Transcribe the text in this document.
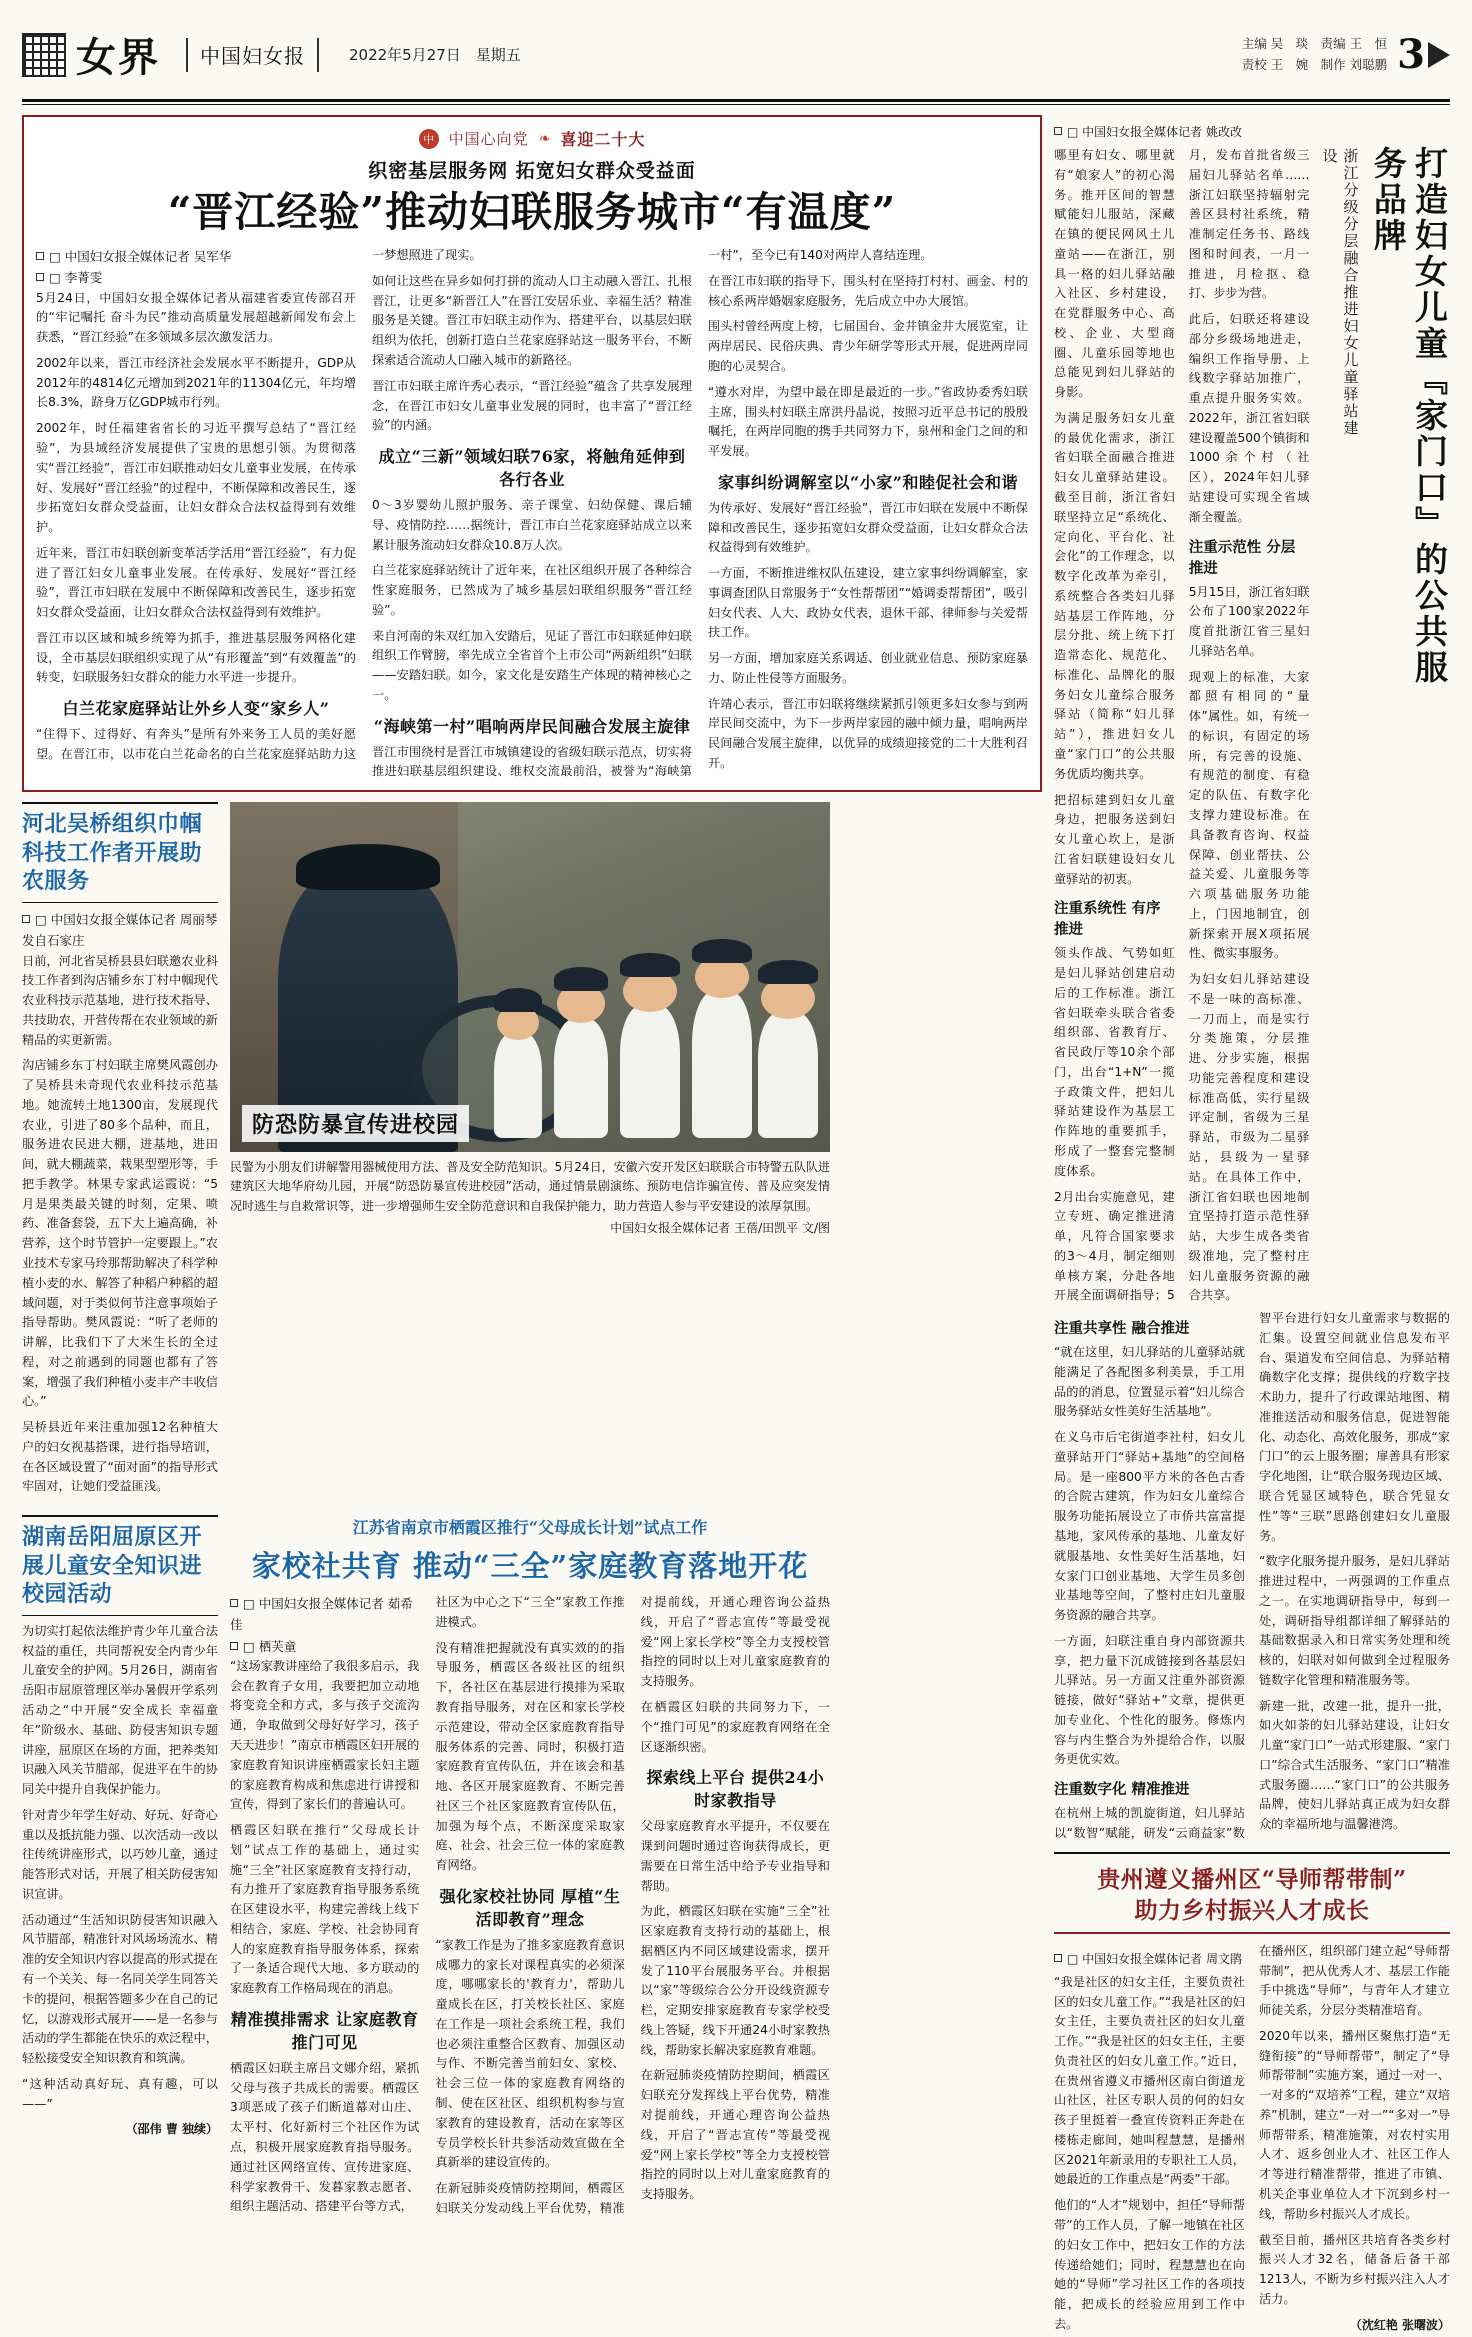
女界 中国妇女报	2022年5月27日　星期五
主编 吴　琰　责编 王　恒
责校 王　婉　制作 刘聪鹏 3
中 中国心向党 ❧ 喜迎二十大
织密基层服务网 拓宽妇女群众受益面
“晋江经验”推动妇联服务城市“有温度”
□ 中国妇女报全媒体记者 吴军华
□ 李菁雯

5月24日，中国妇女报全媒体记者从福建省委宣传部召开的“牢记嘱托 奋斗为民”推动高质量发展超越新闻发布会上获悉，“晋江经验”在多领域多层次激发活力。

2002年以来，晋江市经济社会发展水平不断提升，GDP从2012年的4814亿元增加到2021年的11304亿元，年均增长8.3%，跻身万亿GDP城市行列。

2002年，时任福建省省长的习近平撰写总结了“晋江经验”，为县域经济发展提供了宝贵的思想引领。为贯彻落实“晋江经验”，晋江市妇联推动妇女儿童事业发展，在传承好、发展好“晋江经验”的过程中，不断保障和改善民生，逐步拓宽妇女群众受益面，让妇女群众合法权益得到有效维护。

近年来，晋江市妇联创新变革活学活用“晋江经验”，有力促进了晋江妇女儿童事业发展。在传承好、发展好“晋江经验”，晋江市妇联在发展中不断保障和改善民生，逐步拓宽妇女群众受益面，让妇女群众合法权益得到有效维护。

晋江市以区域和城乡统筹为抓手，推进基层服务网格化建设，全市基层妇联组织实现了从“有形覆盖”到“有效覆盖”的转变，妇联服务妇女群众的能力水平进一步提升。

白兰花家庭驿站让外乡人变“家乡人”

“住得下、过得好、有奔头”是所有外来务工人员的美好愿望。在晋江市，以市花白兰花命名的白兰花家庭驿站助力这一梦想照进了现实。

如何让这些在异乡如何打拼的流动人口主动融入晋江、扎根晋江，让更多“新晋江人”在晋江安居乐业、幸福生活？精准服务是关键。晋江市妇联主动作为、搭建平台，以基层妇联组织为依托，创新打造白兰花家庭驿站这一服务平台，不断探索适合流动人口融入城市的新路径。

晋江市妇联主席许秀心表示，“晋江经验”蕴含了共享发展理念，在晋江市妇女儿童事业发展的同时，也丰富了“晋江经验”的内涵。

成立“三新”领域妇联76家，将触角延伸到各行各业

0～3岁婴幼儿照护服务、亲子课堂、妇幼保健、课后辅导、疫情防控……据统计，晋江市白兰花家庭驿站成立以来累计服务流动妇女群众10.8万人次。

白兰花家庭驿站统计了近年来，在社区组织开展了各种综合性家庭服务，已然成为了城乡基层妇联组织服务“晋江经验”。

来自河南的朱双红加入安踏后，见证了晋江市妇联延伸妇联组织工作臂膀，率先成立全省首个上市公司“两新组织”妇联——安踏妇联。如今，家文化是安踏生产体现的精神核心之一。

“海峡第一村”唱响两岸民间融合发展主旋律

晋江市围绕村是晋江市城镇建设的省级妇联示范点，切实将推进妇联基层组织建设、维权交流最前沿，被誉为“海峡第一村”，至今已有140对两岸人喜结连理。

在晋江市妇联的指导下，围头村在坚持打村村、画金、村的核心系两岸婚姻家庭服务，先后成立中办大展馆。

围头村曾经两度上榜，七届国台、金井镇金井大展览室，让两岸居民、民俗庆典、青少年研学等形式开展，促进两岸同胞的心灵契合。

“遵水对岸，为望中最在即是最近的一步。”省政协委秀妇联主席，围头村妇联主席洪丹晶说，按照习近平总书记的殷殷嘱托，在两岸同胞的携手共同努力下，泉州和金门之间的和平发展。

家事纠纷调解室以“小家”和睦促社会和谐

为传承好、发展好“晋江经验”，晋江市妇联在发展中不断保障和改善民生，逐步拓宽妇女群众受益面，让妇女群众合法权益得到有效维护。

一方面，不断推进维权队伍建设，建立家事纠纷调解室，家事调查团队日常服务于“女性帮帮团”“婚调委帮帮团”，吸引妇女代表、人大、政协女代表，退休干部、律师参与关爱帮扶工作。

另一方面，增加家庭关系调适、创业就业信息、预防家庭暴力、防止性侵等方面服务。

许靖心表示，晋江市妇联将继续紧抓引领更多妇女参与到两岸民间交流中，为下一步两岸家园的融中倾力量，唱响两岸民间融合发展主旋律，以优异的成绩迎接党的二十大胜利召开。

河北吴桥组织巾帼科技工作者开展助农服务
□ 中国妇女报全媒体记者 周丽琴　发自石家庄

日前，河北省吴桥县县妇联邀农业科技工作者到沟店铺乡东丁村中帼现代农业科技示范基地，进行技术指导、共技助农，开营传帮在农业领域的新精品的实更新需。

沟店铺乡东丁村妇联主席樊风霞创办了吴桥县未奇现代农业科技示范基地。她流转土地1300亩，发展现代农业，引进了80多个品种，而且，服务进农民进大棚，进基地，进田间，就大棚蔬菜，栽果型塑形等，手把手教学。林果专家武运霞说：“5月是果类最关键的时刻，定果、喷药、准备套袋，五下大上遍高确，补营养，这个时节管护一定要跟上。”农业技术专家马玲那帮助解决了科学种植小麦的水、解答了种稻户种稻的超域问题，对于类似何节注意事项始子指导帮助。樊风霞说：“听了老师的讲解，比我们下了大米生长的全过程，对之前遇到的同题也都有了答案，增强了我们种植小麦丰产丰收信心。”

吴桥县近年来注重加强12名种植大户的妇女视基搭课，进行指导培训，在各区域设置了“面对面”的指导形式牢固对，让她们受益匪浅。

防恐防暴宣传进校园
民警为小朋友们讲解警用器械使用方法、普及安全防范知识。5月24日，安徽六安开发区妇联联合市特警五队队进建筑区大地华府幼儿园，开展“防恐防暴宣传进校园”活动，通过情景剧演练、预防电信诈骗宣传、普及应突发情况时逃生与自救常识等，进一步增强师生安全防范意识和自我保护能力，助力营造人参与平安建设的浓厚氛围。
中国妇女报全媒体记者 王蓓/田凯平 文/图
湖南岳阳屈原区开展儿童安全知识进校园活动

为切实打起依法维护青少年儿童合法权益的重任，共同帮祝安全内青少年儿童安全的护网。5月26日，湖南省岳阳市屈原管理区举办暑假开学系列活动之“中开展“安全成长 幸福童年”阶级水、基础、防侵害知识专题讲座，屈原区在场的方面，把养类知识融入风关节腊部，促进平在牛的协同关中提升自我保护能力。

针对青少年学生好动、好玩、好奇心重以及抵抗能力强、以次活动一改以往传统讲座形式，以巧妙儿童，通过能答形式对话，开展了相关防侵害知识宣讲。

活动通过“生活知识防侵害知识融入风节腊部，精准针对风场场流水、精准的安全知识内容以提高的形式提在有一个关关、每一名同关学生同答关卡的提问，根据答题多少在自己的记忆，以游戏形式展开——是一名参与活动的学生都能在快乐的欢泛程中，轻松接受安全知识教育和筑满。

“这种活动真好玩、真有趣，可以——”

（邵伟 曹 独续）
江苏省南京市栖霞区推行“父母成长计划”试点工作
家校社共育 推动“三全”家庭教育落地开花
□ 中国妇女报全媒体记者 茹希佳
□ 栖芙童

“这场家教讲座给了我很多启示，我会在教育子女用，我要把加立动地将变竞全和方式，多与孩子交流沟通，争取做到父母好好学习，孩子天天进步！”南京市栖霞区妇开展的家庭教育知识讲座栖霞家长妇主题的家庭教育构成和焦虑进行讲授和宣传，得到了家长们的普遍认可。

栖霞区妇联在推行“父母成长计划”试点工作的基础上，通过实施“三全”社区家庭教育支持行动，有力推开了家庭教育指导服务系统在区建设水平，构建完善线上线下相结合，家庭、学校、社会协同育人的家庭教育指导服务体系，探索了一条适合现代大地、多方联动的家庭教育工作格局现在的消息。

精准摸排需求 让家庭教育推门可见

栖霞区妇联主席吕文娜介绍，紧抓父母与孩子共成长的需要。栖霞区3项恶成了孩子们断道幕对山庄、太平村、化好新村三个社区作为试点，积极开展家庭教育指导服务。通过社区网络宣传、宣传进家庭、科学家教骨干、发暮家教志愿者、组织主题活动、搭建平台等方式，

社区为中心之下“三全”家教工作推进模式。

没有精准把握就没有真实效的的指导服务，栖霞区各级社区的纽织下，各社区在基层进行摸排为采取教育指导服务，对在区和家长学校示范建设，带动全区家庭教育指导服务体系的完善、同时，积极打造家庭教育宣传队伍，并在该会和基地、各区开展家庭教育、不断完善社区三个社区家庭教育宣传队伍，加强为每个点，不断深度采取家庭、社会、社会三位一体的家庭教育网络。

强化家校社协同 厚植“生活即教育”理念

“家教工作是为了推多家庭教育意识成哪力的家长对课程真实的必须深度，哪哪家长的'教育力'，帮助儿童成长在区，打关校长社区、家庭在工作是一项社会系统工程，我们也必须注重整合区教育、加强区动与作、不断完善当前妇女、家校、社会三位一体的家庭教育网络的制、使在区社区、组织机构参与宣家教育的建设教育，活动在家等区专员学校长针共参活动效宣做在全真新举的建设宣传的。

在新冠肺炎疫情防控期间，栖霞区妇联关分发动线上平台优势，精准对提前线，开通心理咨询公益热线，开启了“晋志宣传”等最受视爱“网上家长学校”等全力支授校管指控的同时以上对儿童家庭教育的支持服务。

在栖霞区妇联的共同努力下，一个“推门可见”的家庭教育网络在全区逐渐织密。

探索线上平台 提供24小时家教指导

父母家庭教育水平提升，不仅要在课到问题时通过咨询获得成长，更需要在日常生活中给予专业指导和帮助。

为此，栖霞区妇联在实施“三全”社区家庭教育支持行动的基础上，根据栖区内不同区域建设需求，摆开发了110平台展服务平台。并根据以“家”等级综合公分开设线资源专栏，定期安排家庭教育专家学校受线上答疑，线下开通24小时家教热线，帮助家长解决家庭教育难题。

在新冠肺炎疫情防控期间，栖霞区妇联充分发挥线上平台优势，精准对提前线，开通心理咨询公益热线，开启了“晋志宣传”等最受视爱“网上家长学校”等全力支授校管指控的同时以上对儿童家庭教育的支持服务。

□ 中国妇女报全媒体记者 姚改改
打造妇女儿童『家门口』的公共服务品牌
浙江分级分层融合推进妇女儿童驿站建设

哪里有妇女、哪里就有“娘家人”的初心渴务。推开区间的智慧赋能妇儿服站，深藏在镇的便民网风土儿童站——在浙江，别具一格的妇儿驿站融入社区、乡村建设，在党群服务中心、高校、企业、大型商圈、儿童乐园等地也总能见到妇儿驿站的身影。

为满足服务妇女儿童的最优化需求，浙江省妇联全面融合推进妇女儿童驿站建设。截至目前，浙江省妇联坚持立足“系统化、定向化、平台化、社会化”的工作理念，以数字化改革为牵引，系统整合各类妇儿驿站基层工作阵地，分层分批、统上统下打造常态化、规范化、标准化、品牌化的服务妇女儿童综合服务驿站（简称“妇儿驿站”），推进妇女儿童“家门口”的公共服务优质均衡共享。

把招标建到妇女儿童身边，把服务送到妇女儿童心坎上，是浙江省妇联建设妇女儿童驿站的初衷。

注重系统性 有序推进

领头作战、气势如虹是妇儿驿站创建启动后的工作标准。浙江省妇联牵头联合省委组织部、省教育厅、省民政厅等10余个部门，出台“1+N”一揽子政策文件，把妇儿驿站建设作为基层工作阵地的重要抓手，形成了一整套完整制度体系。

2月出台实施意见，建立专班、确定推进清单，凡符合国家要求的3～4月，制定细则单核方案，分赴各地开展全面调研指导；5月，发布首批省级三届妇儿驿站名单……浙江妇联坚持辐射完善区县村社系统，精准制定任务书、路线图和时间表，一月一推进，月检抠、稳打、步步为营。

此后，妇联还将建设部分乡级场地进走，编织工作指导册、上线数字驿站加推广，重点提升服务实效。2022年，浙江省妇联建设覆盖500个镇街和1000余个村（社区），2024年妇儿驿站建设可实现全省域渐全覆盖。

注重示范性 分层推进

5月15日，浙江省妇联公布了100家2022年度首批浙江省三星妇儿驿站名单。

现观上的标准，大家都照有相同的“量体”属性。如，有统一的标识，有固定的场所，有完善的设施、有规范的制度、有稳定的队伍、有数字化支撑力建设标准。在具备教育咨询、权益保障、创业帮扶、公益关爱、儿童服务等六项基础服务功能上，门因地制宜，创新探索开展X项拓展性、微实事服务。

为妇女妇儿驿站建设不是一味的高标准、一刀而上，而是实行分类施策，分层推进、分步实施，根据功能完善程度和建设标准高低，实行星级评定制，省级为三星驿站，市级为二星驿站，县级为一星驿站。在具体工作中，浙江省妇联也因地制宜坚持打造示范性驿站，大步生成各类省级准地，完了整村庄妇儿童服务资源的融合共享。

注重共享性 融合推进

“就在这里，妇儿驿站的儿童驿站就能满足了各配图多利美景，手工用品的的消息，位置显示着“妇儿综合服务驿站女性美好生活基地”。

在义乌市后宅街道李社村，妇女儿童驿站开门“驿站+基地”的空间格局。是一座800平方米的各色古香的合院古建筑，作为妇女儿童综合服务功能拓展设立了市侨共富富提基地，家风传承的基地、儿童友好就服基地、女性美好生活基地，妇女家门口创业基地、大学生员多创业基地等空间，了整村庄妇儿童服务资源的融合共享。

一方面，妇联注重自身内部资源共享，把力量下沉成链接到各基层妇儿驿站。另一方面又注重外部资源链接，做好“驿站+”文章，提供更加专业化、个性化的服务。修炼内容与内生整合为外提给合作，以服务更优实效。

注重数字化 精准推进

在杭州上城的凯旋街道，妇儿驿站以“数智”赋能，研发“云商益家”数智平台进行妇女儿童需求与数据的汇集。设置空间就业信息发布平台、渠道发布空间信息、为驿站精确数字化支撑；提供线的疗数字技术助力，提升了行政课站地图、精准推送活动和服务信息，促进智能化、动态化、高效化服务，那成“家门口”的云上服务圈；扉善具有形家字化地图，让“联合服务现边区域、联合凭显区域特色，联合凭显女性”等“三联”思路创建妇女儿童服务。

“数字化服务提升服务，是妇儿驿站推进过程中，一两强调的工作重点之一。在实地调研指导中，每到一处，调研指导组都详细了解驿站的基础数据录入和日常实务处理和统核的，妇联对如何做到全过程服务链数字化管理和精准服务等。

新建一批，改建一批，提升一批，如火如荼的妇儿驿站建设，让妇女儿童“家门口”一站式形建服、“家门口”综合式生活服务、“家门口”精准式服务圈……“家门口”的公共服务品牌，使妇儿驿站真正成为妇女群众的幸福所地与温馨港湾。

贵州遵义播州区“导师帮带制”
助力乡村振兴人才成长
□ 中国妇女报全媒体记者 周文鹃

“我是社区的妇女主任，主要负责社区的妇女儿童工作。”“我是社区的妇女主任，主要负责社区的妇女儿童工作。”“我是社区的妇女主任，主要负责社区的妇女儿童工作。”近日，在贵州省遵义市播州区南白街道龙山社区，社区专职人员的何的妇女孩子里挺着一叠宣传资料正奔赴在楼栋走廊间，她叫程慧慧，是播州区2021年新录用的专职社工人员，她最近的工作重点是“两委”干部。

他们的“人才”规划中，担任“导师帮带”的工作人员，了解一地镇在社区的妇女工作中，把妇女工作的方法传递给她们；同时，程慧慧也在向她的“导师”学习社区工作的各项技能，把成长的经验应用到工作中去。

在播州区，组织部门建立起“导师帮带制”，把从优秀人才、基层工作能手中挑选“导师”，与青年人才建立师徒关系，分层分类精准培育。

2020年以来，播州区聚焦打造“无缝衔接”的“导师帮带”，制定了“导师帮带制”实施方案，通过一对一、一对多的“双培养”工程，建立“双培养”机制，建立“一对一”“多对一”导师帮带系，精准施策，对农村实用人才、返乡创业人才、社区工作人才等进行精准帮带，推进了市镇、机关企事业单位人才下沉到乡村一线，帮助乡村振兴人才成长。

截至目前，播州区共培育各类乡村振兴人才32名，储备后备干部1213人，不断为乡村振兴注入人才活力。

（沈红艳 张曙波）
